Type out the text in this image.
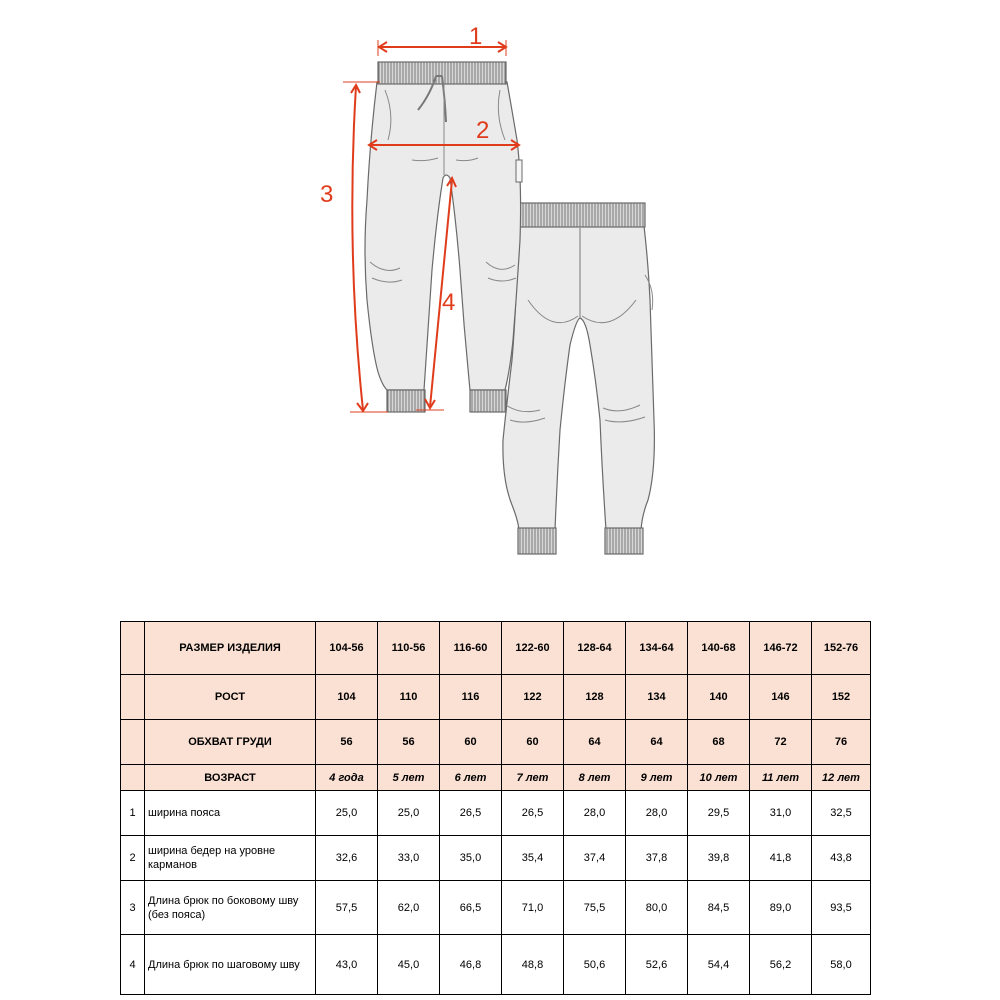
1
2
3
4
	РАЗМЕР ИЗДЕЛИЯ	104-56	110-56	116-60	122-60	128-64	134-64	140-68	146-72	152-76
	РОСТ	104	110	116	122	128	134	140	146	152
	ОБХВАТ ГРУДИ	56	56	60	60	64	64	68	72	76
	ВОЗРАСТ	4 года	5 лет	6 лет	7 лет	8 лет	9 лет	10 лет	11 лет	12 лет
1	ширина пояса	25,0	25,0	26,5	26,5	28,0	28,0	29,5	31,0	32,5
2	ширина бедер на уровне
карманов	32,6	33,0	35,0	35,4	37,4	37,8	39,8	41,8	43,8
3	Длина брюк по боковому шву
(без пояса)	57,5	62,0	66,5	71,0	75,5	80,0	84,5	89,0	93,5
4	Длина брюк по шаговому шву	43,0	45,0	46,8	48,8	50,6	52,6	54,4	56,2	58,0
